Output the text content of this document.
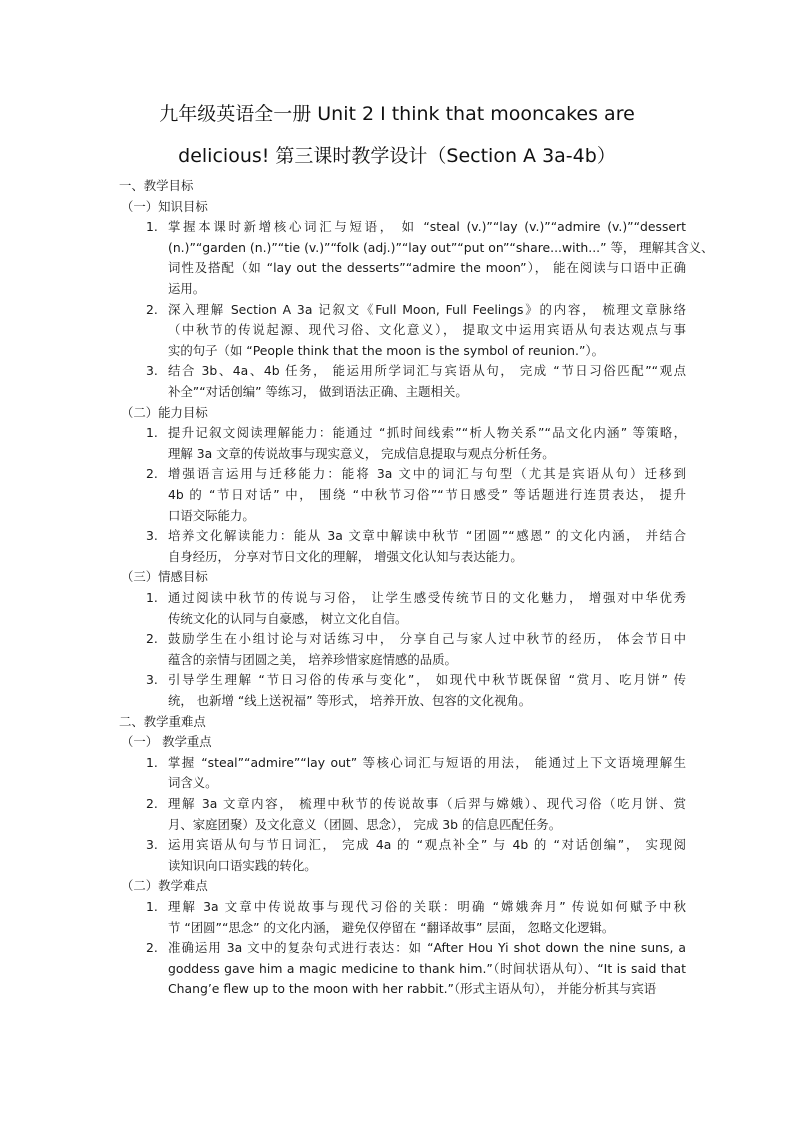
九年级英语全一册 Unit 2 I think that mooncakes are
delicious! 第三课时教学设计（Section A 3a-4b）
一、教学目标
（一）知识目标
1. 掌握本课时新增核心词汇与短语， 如 “steal (v.)”“lay (v.)”“admire (v.)”“dessert
(n.)”“garden (n.)”“tie (v.)”“folk (adj.)”“lay out”“put on”“share...with...” 等， 理解其含义、
词性及搭配（如 “lay out the desserts”“admire the moon”）， 能在阅读与口语中正确
运用。
2. 深入理解 Section A 3a 记叙文《Full Moon, Full Feelings》的内容， 梳理文章脉络
（中秋节的传说起源、现代习俗、文化意义）， 提取文中运用宾语从句表达观点与事
实的句子（如 “People think that the moon is the symbol of reunion.”）。
3. 结合 3b、4a、4b 任务， 能运用所学词汇与宾语从句， 完成 “节日习俗匹配”“观点
补全”“对话创编” 等练习， 做到语法正确、主题相关。
（二）能力目标
1. 提升记叙文阅读理解能力：能通过 “抓时间线索”“析人物关系”“品文化内涵” 等策略，
理解 3a 文章的传说故事与现实意义， 完成信息提取与观点分析任务。
2. 增强语言运用与迁移能力：能将 3a 文中的词汇与句型（尤其是宾语从句）迁移到
4b 的 “节日对话” 中， 围绕 “中秋节习俗”“节日感受” 等话题进行连贯表达， 提升
口语交际能力。
3. 培养文化解读能力：能从 3a 文章中解读中秋节 “团圆”“感恩” 的文化内涵， 并结合
自身经历， 分享对节日文化的理解， 增强文化认知与表达能力。
（三）情感目标
1. 通过阅读中秋节的传说与习俗， 让学生感受传统节日的文化魅力， 增强对中华优秀
传统文化的认同与自豪感， 树立文化自信。
2. 鼓励学生在小组讨论与对话练习中， 分享自己与家人过中秋节的经历， 体会节日中
蕴含的亲情与团圆之美， 培养珍惜家庭情感的品质。
3. 引导学生理解 “节日习俗的传承与变化”， 如现代中秋节既保留 “赏月、吃月饼” 传
统， 也新增 “线上送祝福” 等形式， 培养开放、包容的文化视角。
二、教学重难点
（一） 教学重点
1. 掌握 “steal”“admire”“lay out” 等核心词汇与短语的用法， 能通过上下文语境理解生
词含义。
2. 理解 3a 文章内容， 梳理中秋节的传说故事（后羿与嫦娥）、现代习俗（吃月饼、赏
月、家庭团聚）及文化意义（团圆、思念）， 完成 3b 的信息匹配任务。
3. 运用宾语从句与节日词汇， 完成 4a 的 “观点补全” 与 4b 的 “对话创编”， 实现阅
读知识向口语实践的转化。
（二）教学难点
1. 理解 3a 文章中传说故事与现代习俗的关联：明确 “嫦娥奔月” 传说如何赋予中秋
节 “团圆”“思念” 的文化内涵， 避免仅停留在 “翻译故事” 层面， 忽略文化逻辑。
2. 准确运用 3a 文中的复杂句式进行表达：如 “After Hou Yi shot down the nine suns, a
goddess gave him a magic medicine to thank him.”（时间状语从句）、“It is said that
Chang’e flew up to the moon with her rabbit.”（形式主语从句）， 并能分析其与宾语
